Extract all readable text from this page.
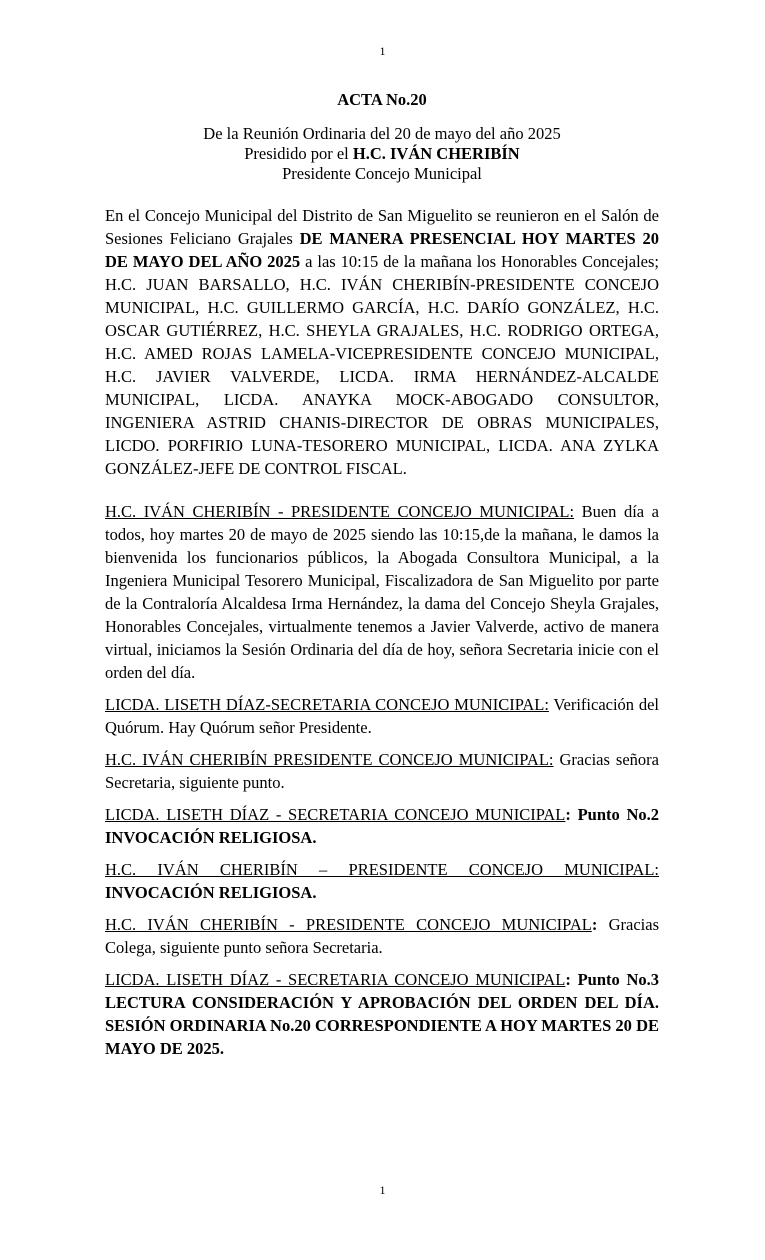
1
ACTA No.20
De la Reunión Ordinaria del 20 de mayo del año 2025
Presidido por el H.C. IVÁN CHERIBÍN
Presidente Concejo Municipal

En el Concejo Municipal del Distrito de San Miguelito se reunieron en el Salón de Sesiones Feliciano Grajales DE MANERA PRESENCIAL HOY MARTES 20 DE MAYO DEL AÑO 2025 a las 10:15 de la mañana los Honorables Concejales; H.C. JUAN BARSALLO, H.C. IVÁN CHERIBÍN-PRESIDENTE CONCEJO MUNICIPAL, H.C. GUILLERMO GARCÍA, H.C. DARÍO GONZÁLEZ, H.C. OSCAR GUTIÉRREZ, H.C. SHEYLA GRAJALES, H.C. RODRIGO ORTEGA, H.C. AMED ROJAS LAMELA-VICEPRESIDENTE CONCEJO MUNICIPAL, H.C. JAVIER VALVERDE, LICDA. IRMA HERNÁNDEZ-ALCALDE MUNICIPAL, LICDA. ANAYKA MOCK-ABOGADO CONSULTOR, INGENIERA ASTRID CHANIS-DIRECTOR DE OBRAS MUNICIPALES, LICDO. PORFIRIO LUNA-TESORERO MUNICIPAL, LICDA. ANA ZYLKA GONZÁLEZ-JEFE DE CONTROL FISCAL.

H.C. IVÁN CHERIBÍN - PRESIDENTE CONCEJO MUNICIPAL: Buen día a todos, hoy martes 20 de mayo de 2025 siendo las 10:15,de la mañana, le damos la bienvenida los funcionarios públicos, la Abogada Consultora Municipal, a la Ingeniera Municipal Tesorero Municipal, Fiscalizadora de San Miguelito por parte de la Contraloría Alcaldesa Irma Hernández, la dama del Concejo Sheyla Grajales, Honorables Concejales, virtualmente tenemos a Javier Valverde, activo de manera virtual, iniciamos la Sesión Ordinaria del día de hoy, señora Secretaria inicie con el orden del día.

LICDA. LISETH DÍAZ-SECRETARIA CONCEJO MUNICIPAL: Verificación del Quórum. Hay Quórum señor Presidente.

H.C. IVÁN CHERIBÍN PRESIDENTE CONCEJO MUNICIPAL: Gracias señora Secretaria, siguiente punto.

LICDA. LISETH DÍAZ - SECRETARIA CONCEJO MUNICIPAL: Punto No.2 INVOCACIÓN RELIGIOSA.

H.C. IVÁN CHERIBÍN – PRESIDENTE CONCEJO MUNICIPAL: INVOCACIÓN RELIGIOSA.

H.C. IVÁN CHERIBÍN - PRESIDENTE CONCEJO MUNICIPAL: Gracias Colega, siguiente punto señora Secretaria.

LICDA. LISETH DÍAZ - SECRETARIA CONCEJO MUNICIPAL: Punto No.3 LECTURA CONSIDERACIÓN Y APROBACIÓN DEL ORDEN DEL DÍA. SESIÓN ORDINARIA No.20 CORRESPONDIENTE A HOY MARTES 20 DE MAYO DE 2025.

1
